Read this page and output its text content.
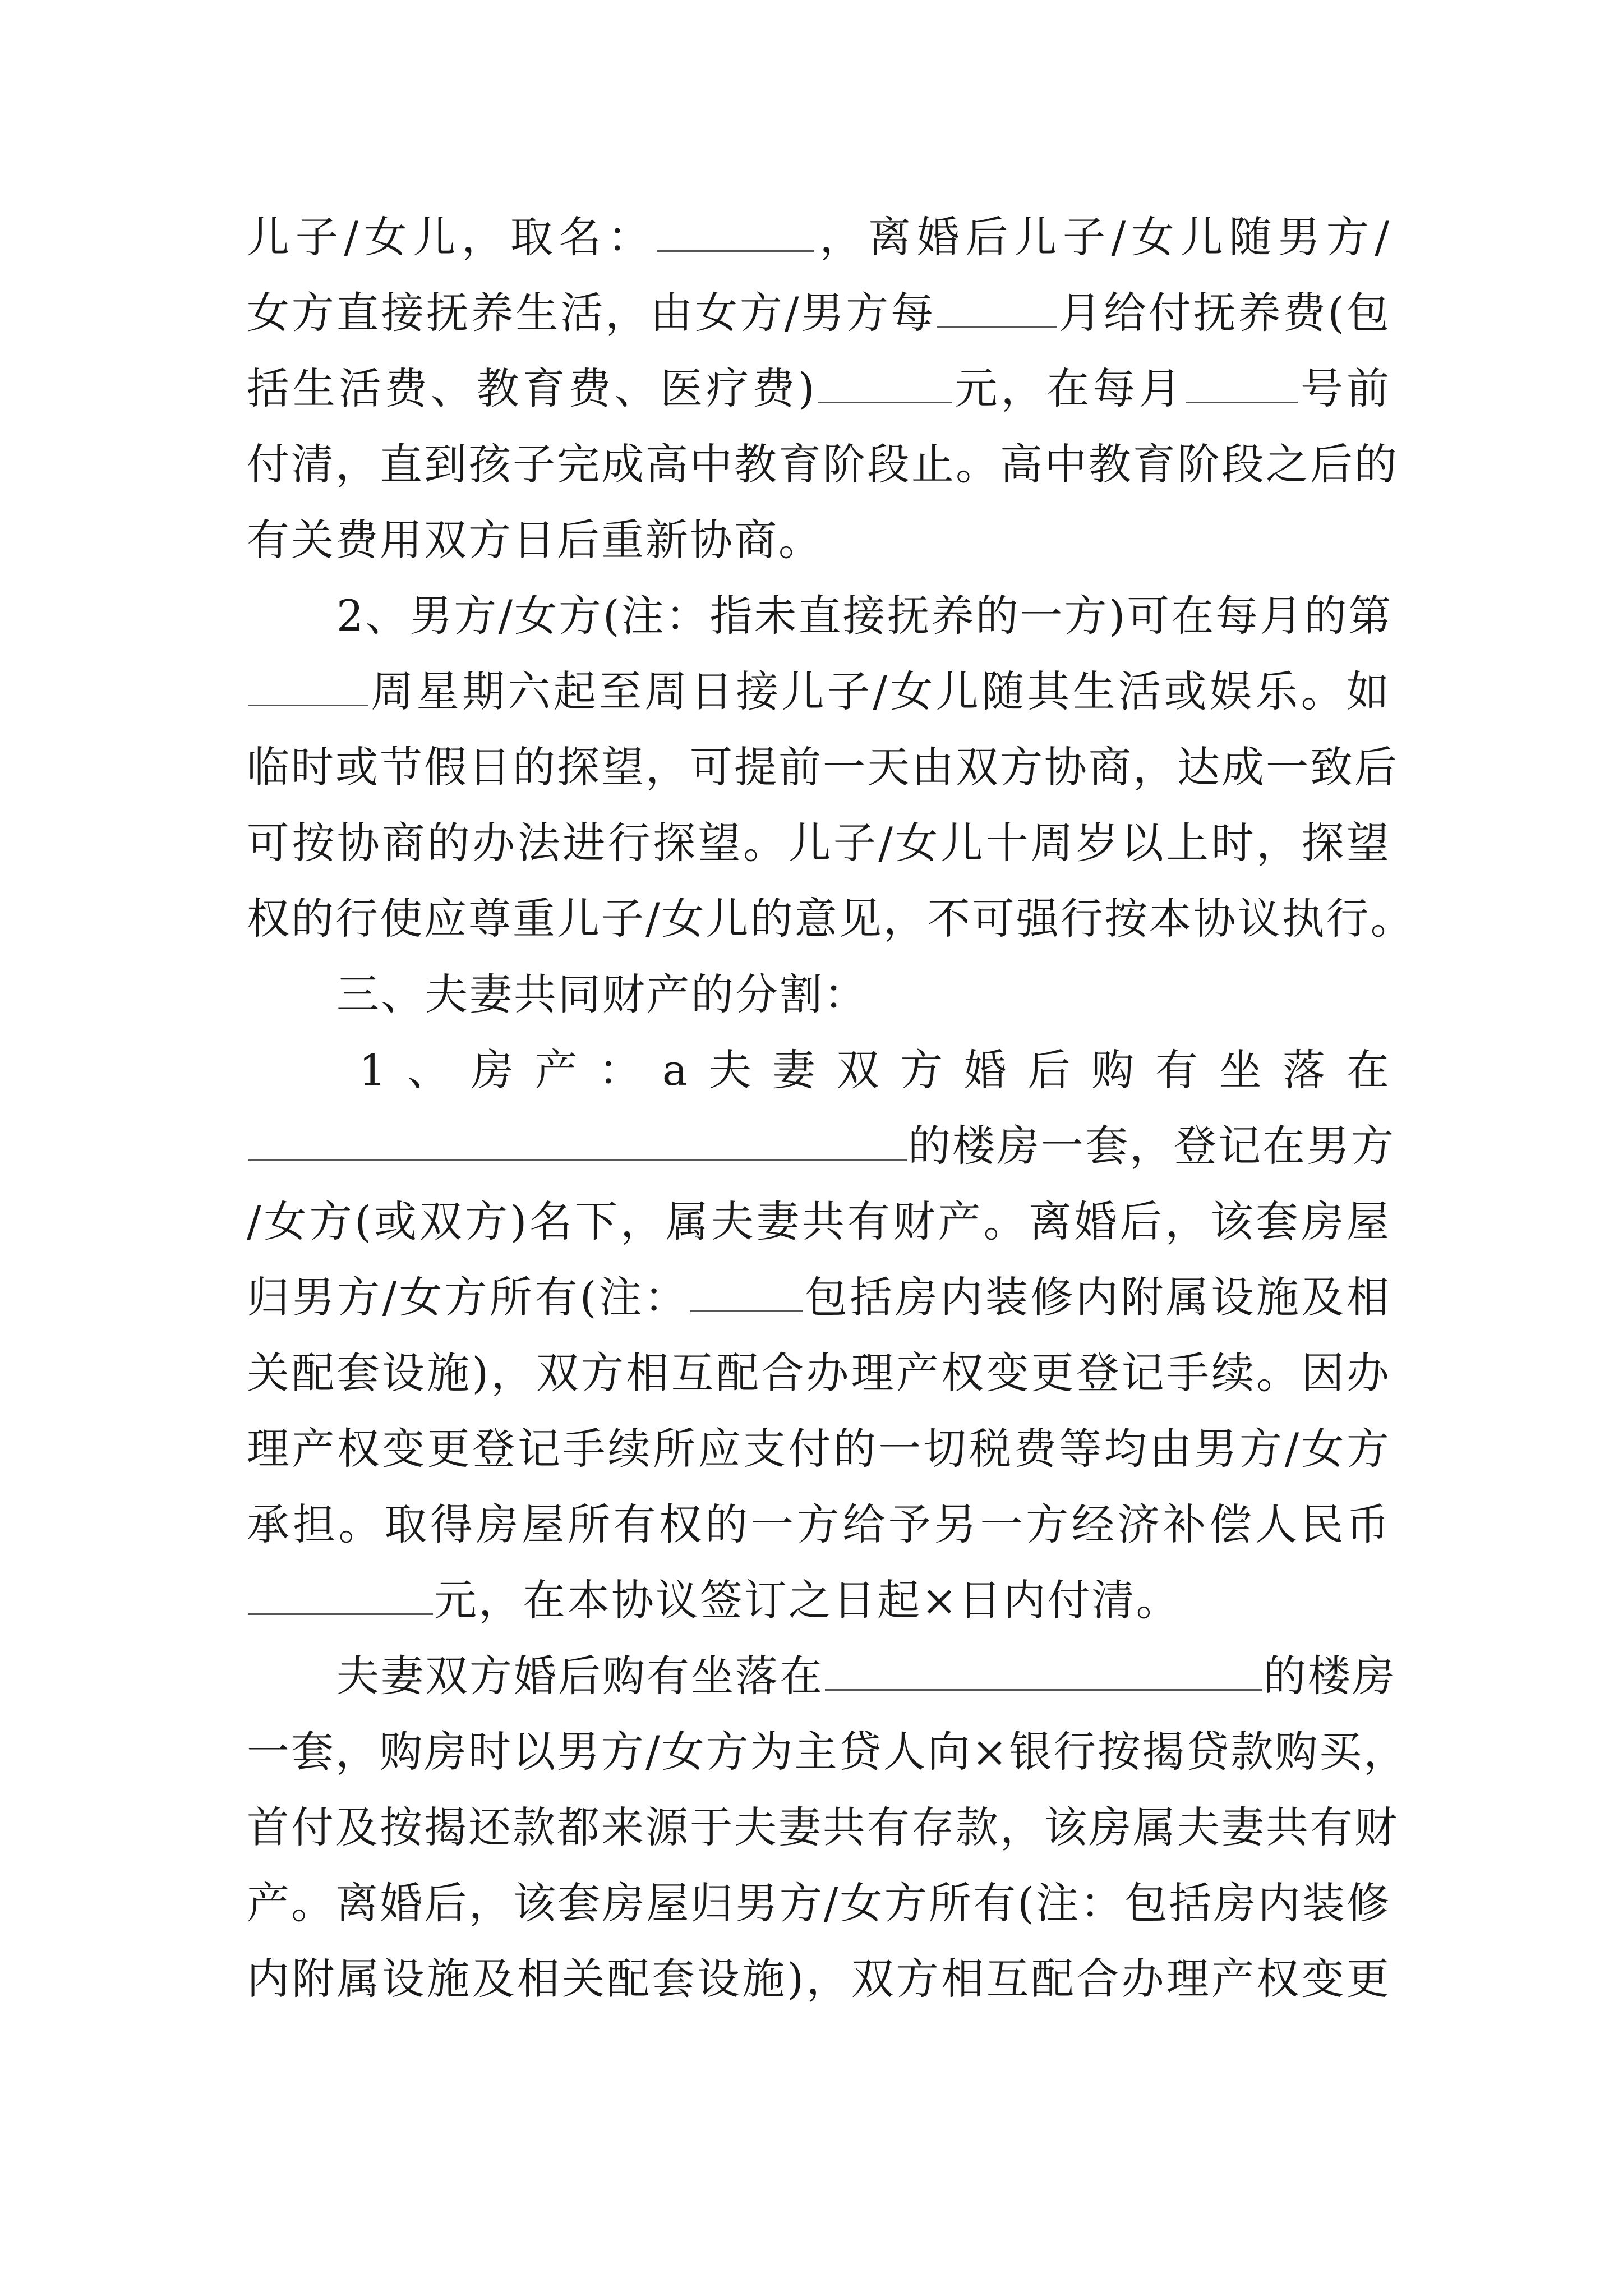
儿子/女儿，取名：	，离婚后儿子/女儿随男方/
女方直接抚养生活，由女方/男方每	月给付抚养费(包
括生活费、教育费、医疗费)	元，在每月	号前
付清，直到孩子完成高中教育阶段止。高中教育阶段之后的
有关费用双方日后重新协商。
2、男方/女方(注：指未直接抚养的一方)可在每月的第
周星期六起至周日接儿子/女儿随其生活或娱乐。如
临时或节假日的探望，可提前一天由双方协商，达成一致后
可按协商的办法进行探望。儿子/女儿十周岁以上时，探望
权的行使应尊重儿子/女儿的意见，不可强行按本协议执行。
三、夫妻共同财产的分割：
1、房产：a夫妻双方婚后购有坐落在
的楼房一套，登记在男方
/女方(或双方)名下，属夫妻共有财产。离婚后，该套房屋
归男方/女方所有(注：	包括房内装修内附属设施及相
关配套设施)，双方相互配合办理产权变更登记手续。因办
理产权变更登记手续所应支付的一切税费等均由男方/女方
承担。取得房屋所有权的一方给予另一方经济补偿人民币
元，在本协议签订之日起×日内付清。
夫妻双方婚后购有坐落在	的楼房
一套，购房时以男方/女方为主贷人向×银行按揭贷款购买，
首付及按揭还款都来源于夫妻共有存款，该房属夫妻共有财
产。离婚后，该套房屋归男方/女方所有(注：包括房内装修
内附属设施及相关配套设施)，双方相互配合办理产权变更
